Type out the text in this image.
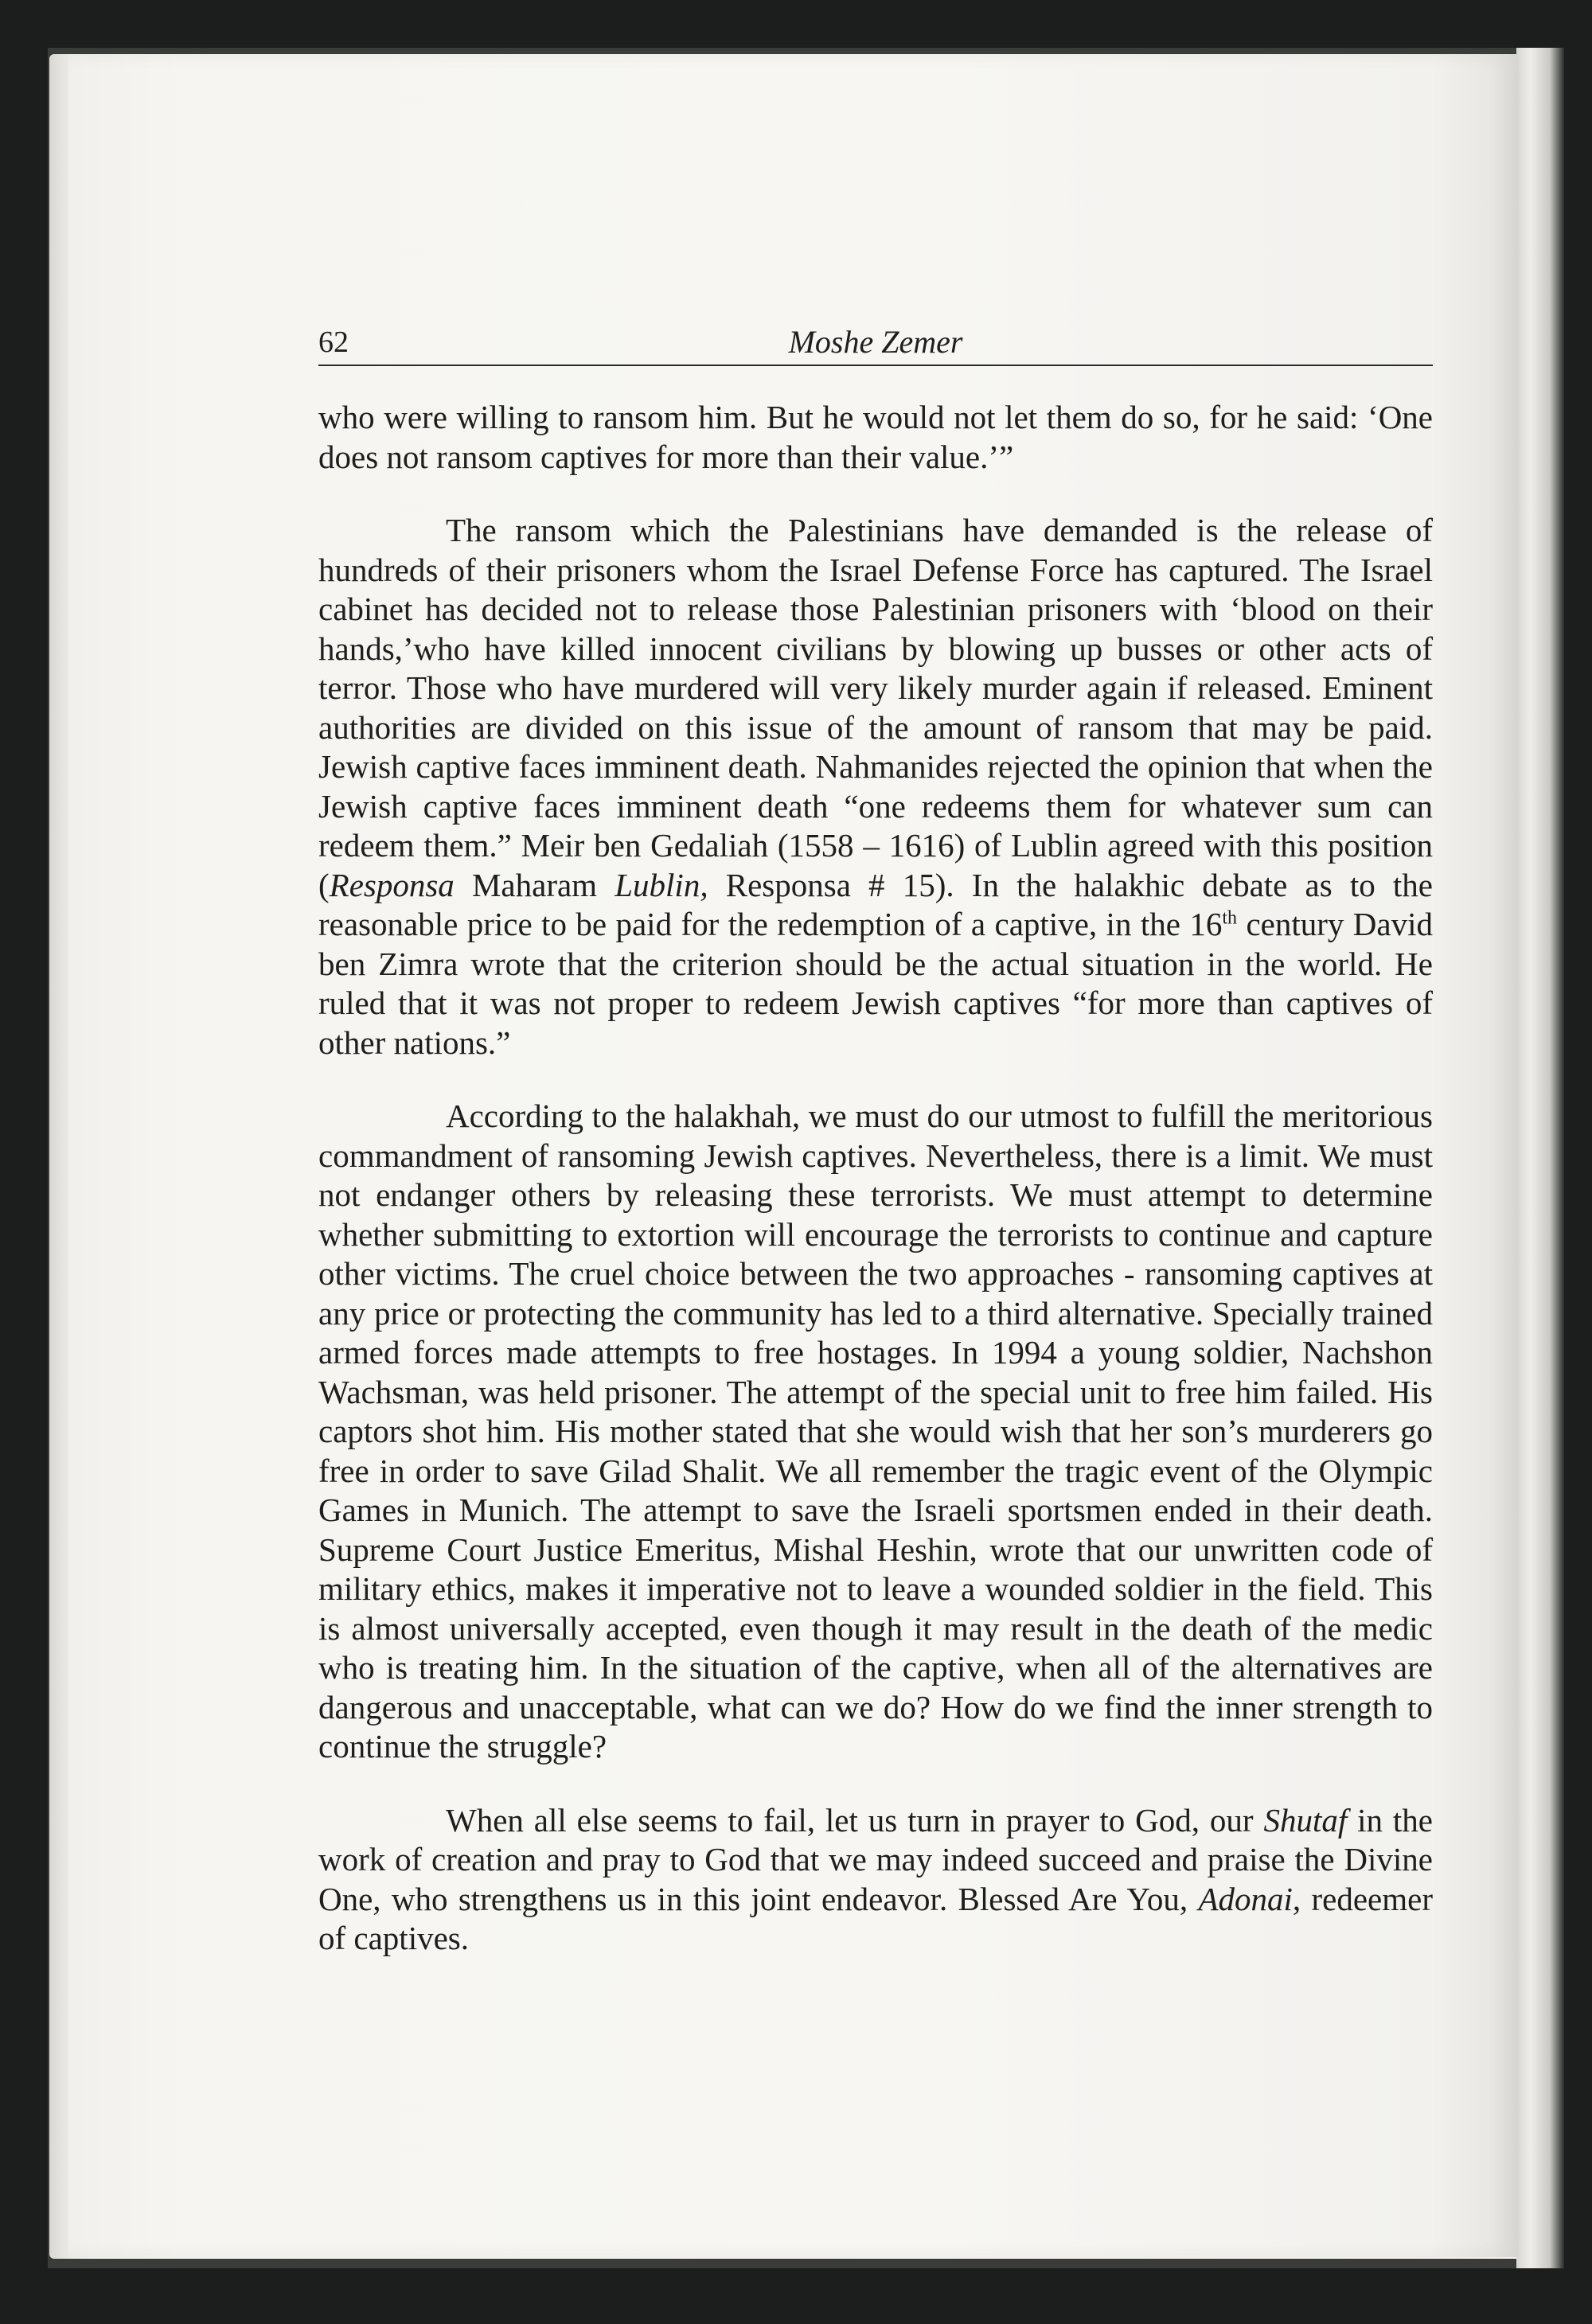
62	Moshe Zemer

who were willing to ransom him. But he would not let them do so, for he said: ‘One does not ransom captives for more than their value.’”

The ransom which the Palestinians have demanded is the release of hundreds of their prisoners whom the Israel Defense Force has captured. The Israel cabinet has decided not to release those Palestinian prisoners with ‘blood on their hands,’who have killed innocent civilians by blowing up busses or other acts of terror. Those who have murdered will very likely murder again if released. Eminent authorities are divided on this issue of the amount of ransom that may be paid. Jewish captive faces imminent death. Nahmanides rejected the opinion that when the Jewish captive faces imminent death “one redeems them for whatever sum can redeem them.” Meir ben Gedaliah (1558 – 1616) of Lublin agreed with this position (Responsa Maharam Lublin, Responsa # 15). In the halakhic debate as to the reasonable price to be paid for the redemption of a captive, in the 16th century David ben Zimra wrote that the criterion should be the actual situation in the world. He ruled that it was not proper to redeem Jewish captives “for more than captives of other nations.”

According to the halakhah, we must do our utmost to fulfill the meritorious commandment of ransoming Jewish captives. Nevertheless, there is a limit. We must not endanger others by releasing these terrorists. We must attempt to determine whether submitting to extortion will encourage the terrorists to continue and capture other victims. The cruel choice between the two approaches - ransoming captives at any price or protecting the community has led to a third alternative. Specially trained armed forces made attempts to free hostages. In 1994 a young soldier, Nachshon Wachsman, was held prisoner. The attempt of the special unit to free him failed. His captors shot him. His mother stated that she would wish that her son’s murderers go free in order to save Gilad Shalit. We all remember the tragic event of the Olympic Games in Munich. The attempt to save the Israeli sportsmen ended in their death. Supreme Court Justice Emeritus, Mishal Heshin, wrote that our unwritten code of military ethics, makes it imperative not to leave a wounded soldier in the field. This is almost universally accepted, even though it may result in the death of the medic who is treating him. In the situation of the captive, when all of the alternatives are dangerous and unacceptable, what can we do? How do we find the inner strength to continue the struggle?

When all else seems to fail, let us turn in prayer to God, our Shutaf in the work of creation and pray to God that we may indeed succeed and praise the Divine One, who strengthens us in this joint endeavor. Blessed Are You, Adonai, redeemer of captives.
